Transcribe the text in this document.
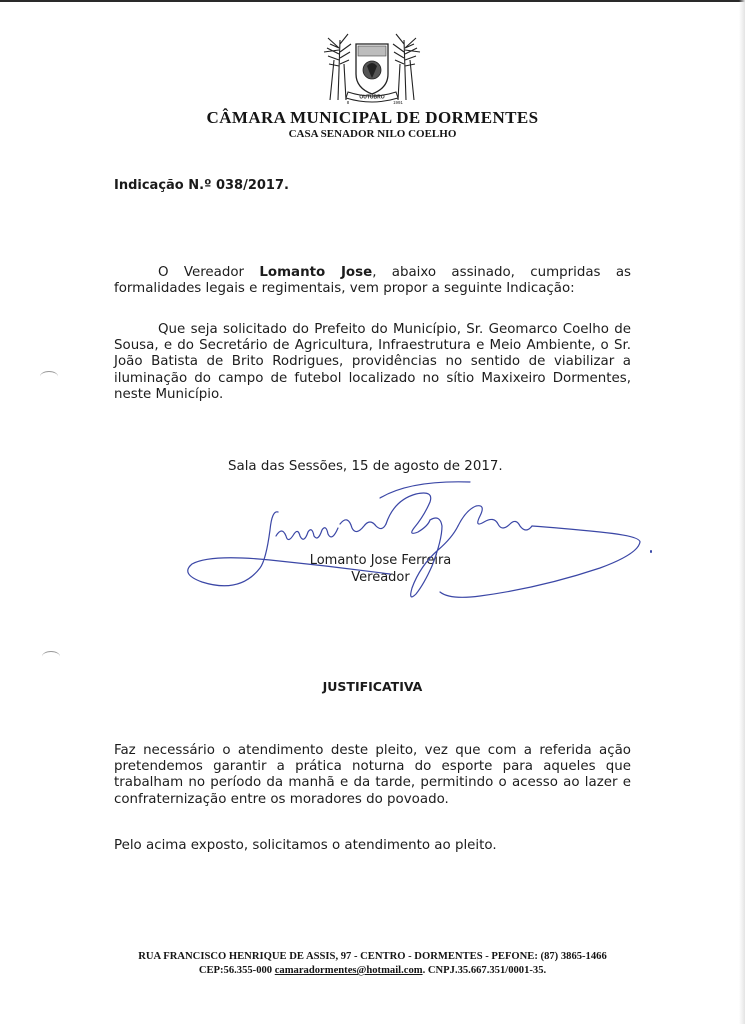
OUTUBRO
8	1991
CÂMARA MUNICIPAL DE DORMENTES
CASA SENADOR NILO COELHO
Indicação N.º 038/2017.
O Vereador Lomanto Jose, abaixo assinado, cumpridas as formalidades legais e regimentais, vem propor a seguinte Indicação:
Que seja solicitado do Prefeito do Município, Sr. Geomarco Coelho de Sousa, e do Secretário de Agricultura, Infraestrutura e Meio Ambiente, o Sr. João Batista de Brito Rodrigues, providências no sentido de viabilizar a iluminação do campo de futebol localizado no sítio Maxixeiro Dormentes, neste Município.
Sala das Sessões, 15 de agosto de 2017.
Lomanto Jose Ferreira
Vereador
JUSTIFICATIVA
Faz necessário o atendimento deste pleito, vez que com a referida ação pretendemos garantir a prática noturna do esporte para aqueles que trabalham no período da manhã e da tarde, permitindo o acesso ao lazer e confraternização entre os moradores do povoado.
Pelo acima exposto, solicitamos o atendimento ao pleito.
RUA FRANCISCO HENRIQUE DE ASSIS, 97 - CENTRO - DORMENTES - PEFONE: (87) 3865-1466
CEP:56.355-000 camaradormentes@hotmail.com. CNPJ.35.667.351/0001-35.
